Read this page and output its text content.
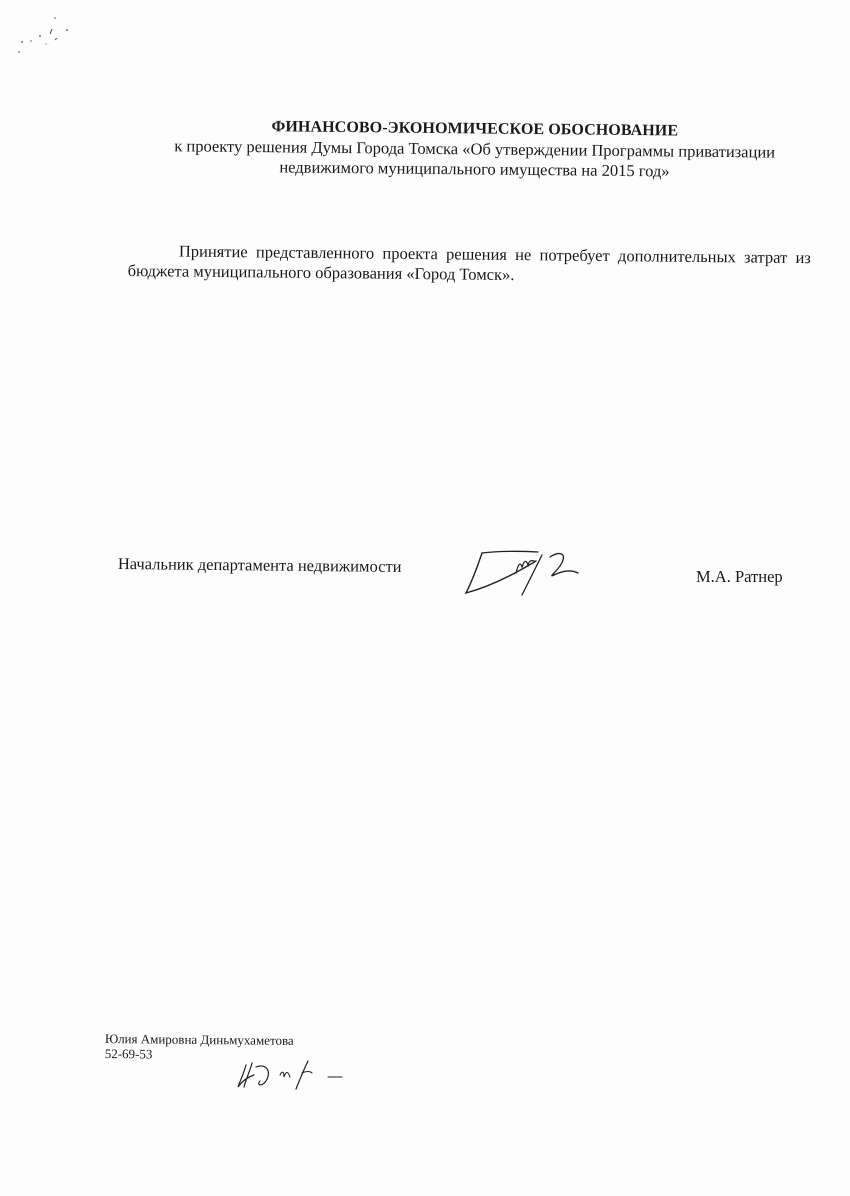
ФИНАНСОВО-ЭКОНОМИЧЕСКОЕ ОБОСНОВАНИЕ
к проекту решения Думы Города Томска «Об утверждении Программы приватизации
недвижимого муниципального имущества на 2015 год»

Принятие представленного проекта решения не потребует дополнительных затрат из бюджета муниципального образования «Город Томск».

Начальник департамента недвижимости
М.А. Ратнер
Юлия Амировна Диньмухаметова
52-69-53
